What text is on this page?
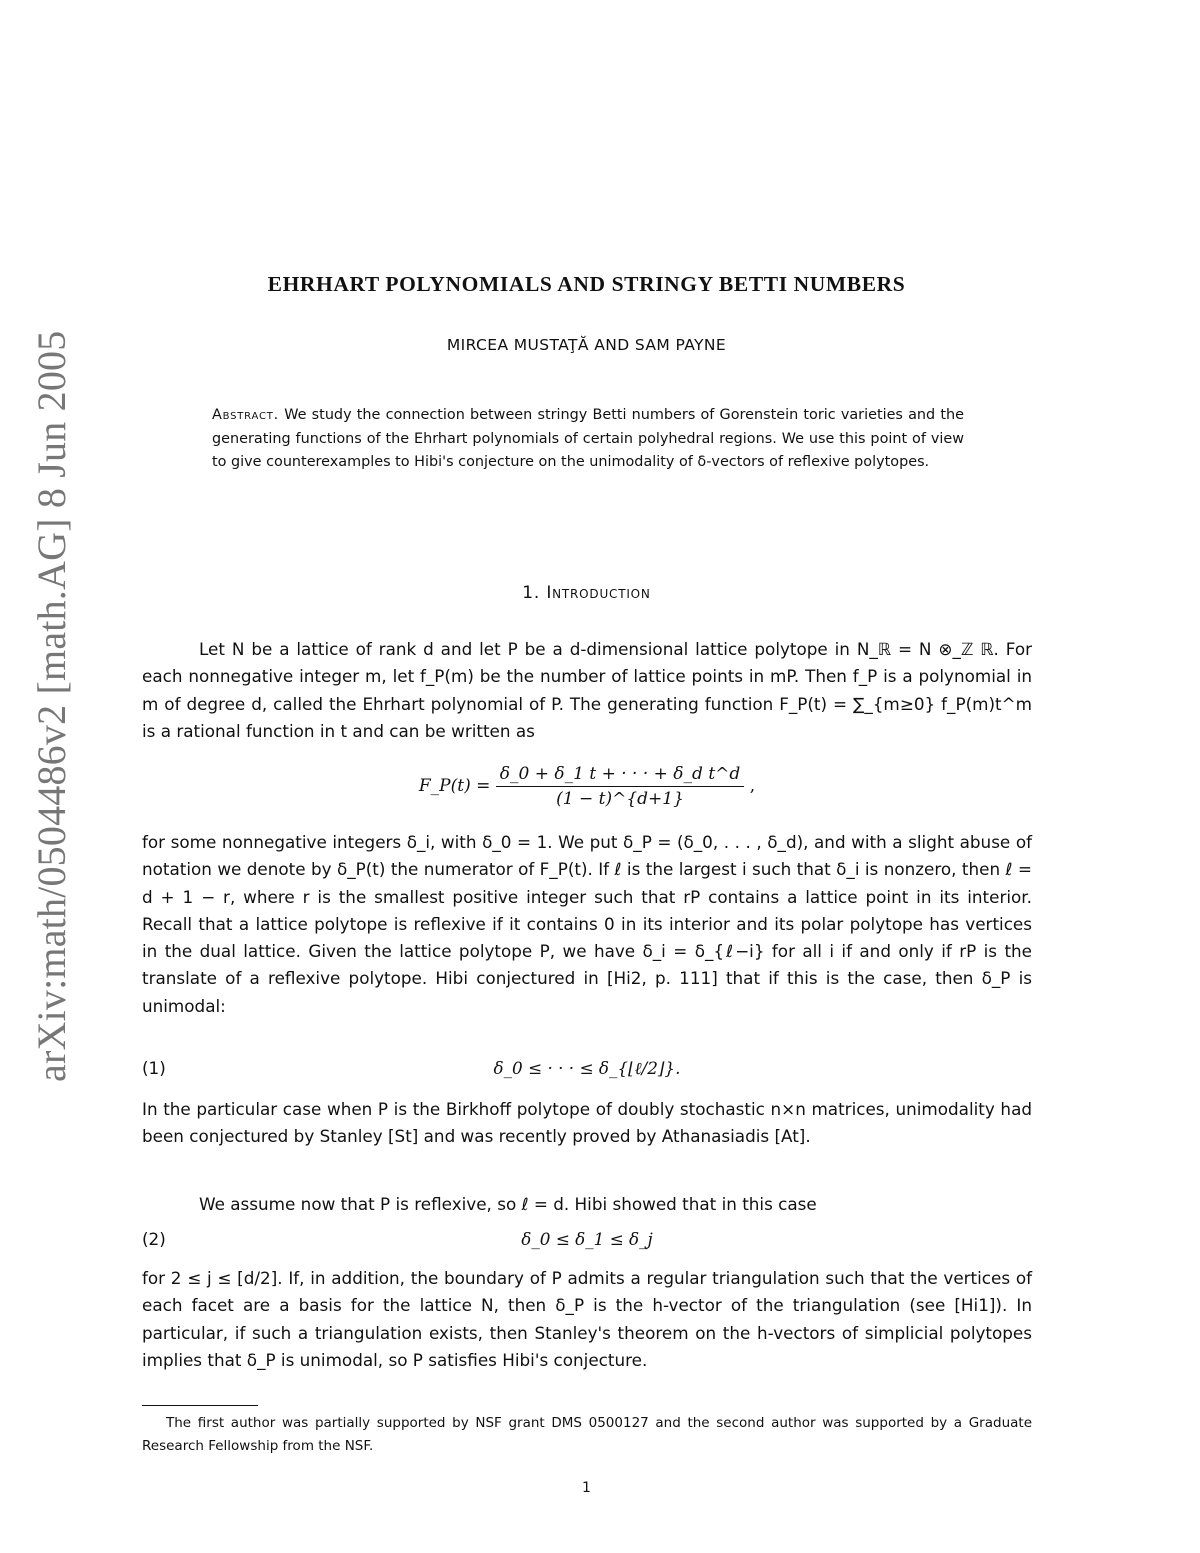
arXiv:math/0504486v2 [math.AG] 8 Jun 2005
EHRHART POLYNOMIALS AND STRINGY BETTI NUMBERS
MIRCEA MUSTAŢĂ AND SAM PAYNE
Abstract. We study the connection between stringy Betti numbers of Gorenstein toric varieties and the generating functions of the Ehrhart polynomials of certain polyhedral regions. We use this point of view to give counterexamples to Hibi's conjecture on the unimodality of δ-vectors of reflexive polytopes.
1. Introduction

Let N be a lattice of rank d and let P be a d-dimensional lattice polytope in N_ℝ = N ⊗_ℤ ℝ. For each nonnegative integer m, let f_P(m) be the number of lattice points in mP. Then f_P is a polynomial in m of degree d, called the Ehrhart polynomial of P. The generating function F_P(t) = ∑_{m≥0} f_P(m)t^m is a rational function in t and can be written as

F_P(t) = $\frac{\text{δ\_0 + δ\_1 t + · · · + δ\_d t\textasciicircum{}d}}{(1 - t)\^{}\{d+1\}}$ ,

for some nonnegative integers δ_i, with δ_0 = 1. We put δ_P = (δ_0, . . . , δ_d), and with a slight abuse of notation we denote by δ_P(t) the numerator of F_P(t). If ℓ is the largest i such that δ_i is nonzero, then ℓ = d + 1 − r, where r is the smallest positive integer such that rP contains a lattice point in its interior. Recall that a lattice polytope is reflexive if it contains 0 in its interior and its polar polytope has vertices in the dual lattice. Given the lattice polytope P, we have δ_i = δ_{ℓ−i} for all i if and only if rP is the translate of a reflexive polytope. Hibi conjectured in [Hi2, p. 111] that if this is the case, then δ_P is unimodal:

δ_0 ≤ · · · ≤ δ_{⌊ℓ/2⌋}.
(1)

In the particular case when P is the Birkhoff polytope of doubly stochastic n×n matrices, unimodality had been conjectured by Stanley [St] and was recently proved by Athanasiadis [At].

We assume now that P is reflexive, so ℓ = d. Hibi showed that in this case

δ_0 ≤ δ_1 ≤ δ_j
(2)

for 2 ≤ j ≤ [d/2]. If, in addition, the boundary of P admits a regular triangulation such that the vertices of each facet are a basis for the lattice N, then δ_P is the h-vector of the triangulation (see [Hi1]). In particular, if such a triangulation exists, then Stanley's theorem on the h-vectors of simplicial polytopes implies that δ_P is unimodal, so P satisfies Hibi's conjecture.

The first author was partially supported by NSF grant DMS 0500127 and the second author was supported by a Graduate Research Fellowship from the NSF.
1
